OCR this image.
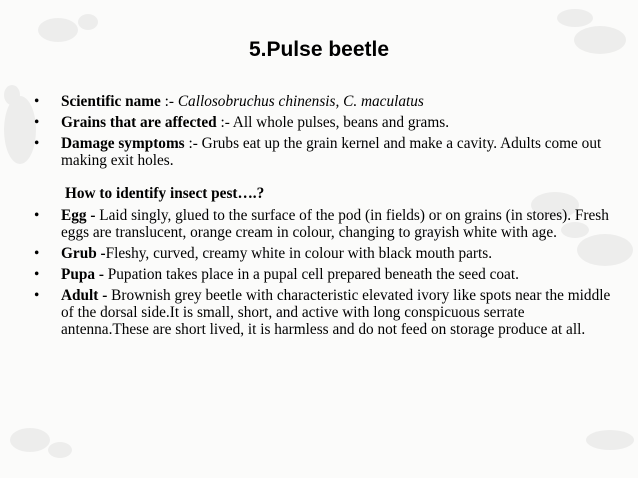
5.Pulse beetle
• Scientific name :- Callosobruchus chinensis, C. maculatus
• Grains that are affected :- All whole pulses, beans and grams.
• Damage symptoms :- Grubs eat up the grain kernel and make a cavity. Adults come out making exit holes.
How to identify insect pest….?
• Egg - Laid singly, glued to the surface of the pod (in fields) or on grains (in stores). Fresh eggs are translucent, orange cream in colour, changing to grayish white with age.
• Grub -Fleshy, curved, creamy white in colour with black mouth parts.
• Pupa - Pupation takes place in a pupal cell prepared beneath the seed coat.
• Adult - Brownish grey beetle with characteristic elevated ivory like spots near the middle of the dorsal side.It is small, short, and active with long conspicuous serrate antenna.These are short lived, it is harmless and do not feed on storage produce at all.
